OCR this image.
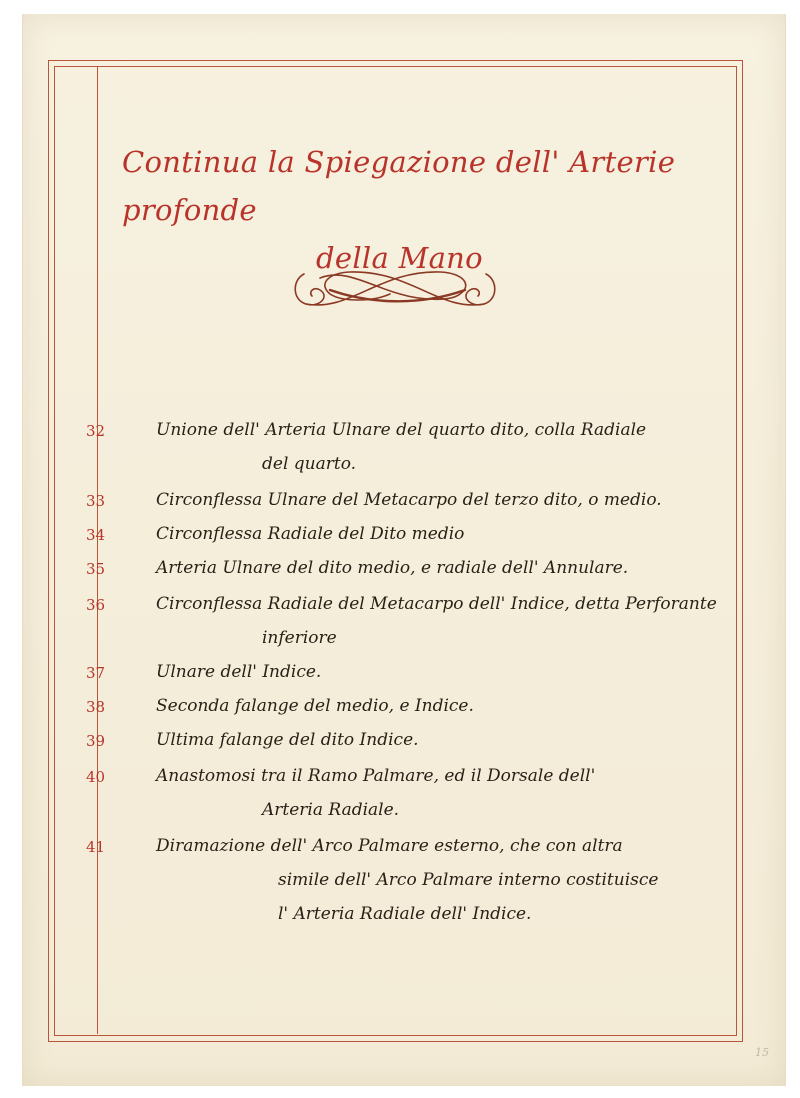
Continua la Spiegazione dell' Arterie profonde
della Mano
32	Unione dell' Arteria Ulnare del quarto dito, colla Radiale
del quarto.
33	Circonflessa Ulnare del Metacarpo del terzo dito, o medio.
34	Circonflessa Radiale del Dito medio
35	Arteria Ulnare del dito medio, e radiale dell' Annulare.
36	Circonflessa Radiale del Metacarpo dell' Indice, detta Perforante
inferiore
37	Ulnare dell' Indice.
38	Seconda falange del medio, e Indice.
39	Ultima falange del dito Indice.
40	Anastomosi tra il Ramo Palmare, ed il Dorsale dell'
Arteria Radiale.
41	Diramazione dell' Arco Palmare esterno, che con altra
simile dell' Arco Palmare interno costituisce
l' Arteria Radiale dell' Indice.
15
